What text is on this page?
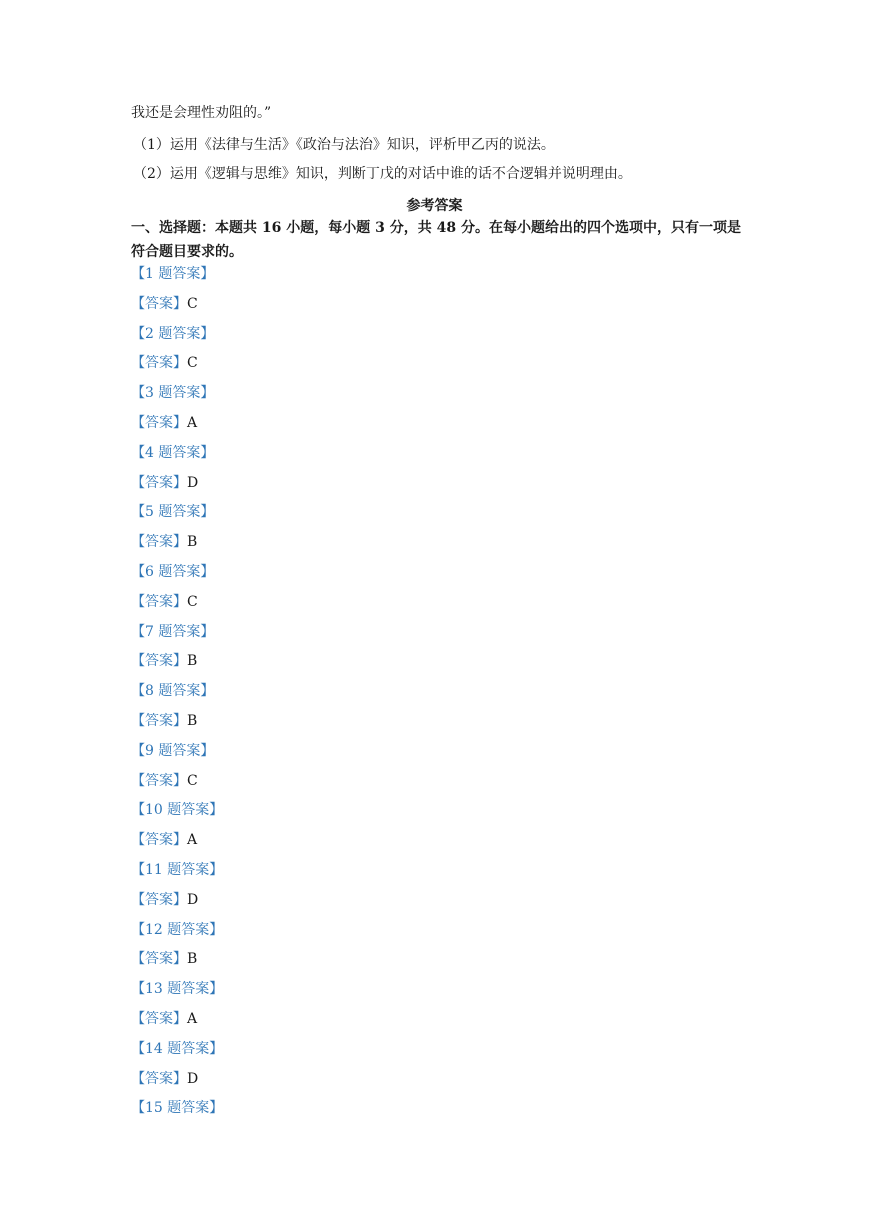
我还是会理性劝阻的。”
（1）运用《法律与生活》《政治与法治》知识，评析甲乙丙的说法。
（2）运用《逻辑与思维》知识，判断丁戊的对话中谁的话不合逻辑并说明理由。
参考答案
一、选择题：本题共 16 小题，每小题 3 分，共 48 分。在每小题给出的四个选项中，只有一项是符合题目要求的。
【1 题答案】
【答案】C
【2 题答案】
【答案】C
【3 题答案】
【答案】A
【4 题答案】
【答案】D
【5 题答案】
【答案】B
【6 题答案】
【答案】C
【7 题答案】
【答案】B
【8 题答案】
【答案】B
【9 题答案】
【答案】C
【10 题答案】
【答案】A
【11 题答案】
【答案】D
【12 题答案】
【答案】B
【13 题答案】
【答案】A
【14 题答案】
【答案】D
【15 题答案】
